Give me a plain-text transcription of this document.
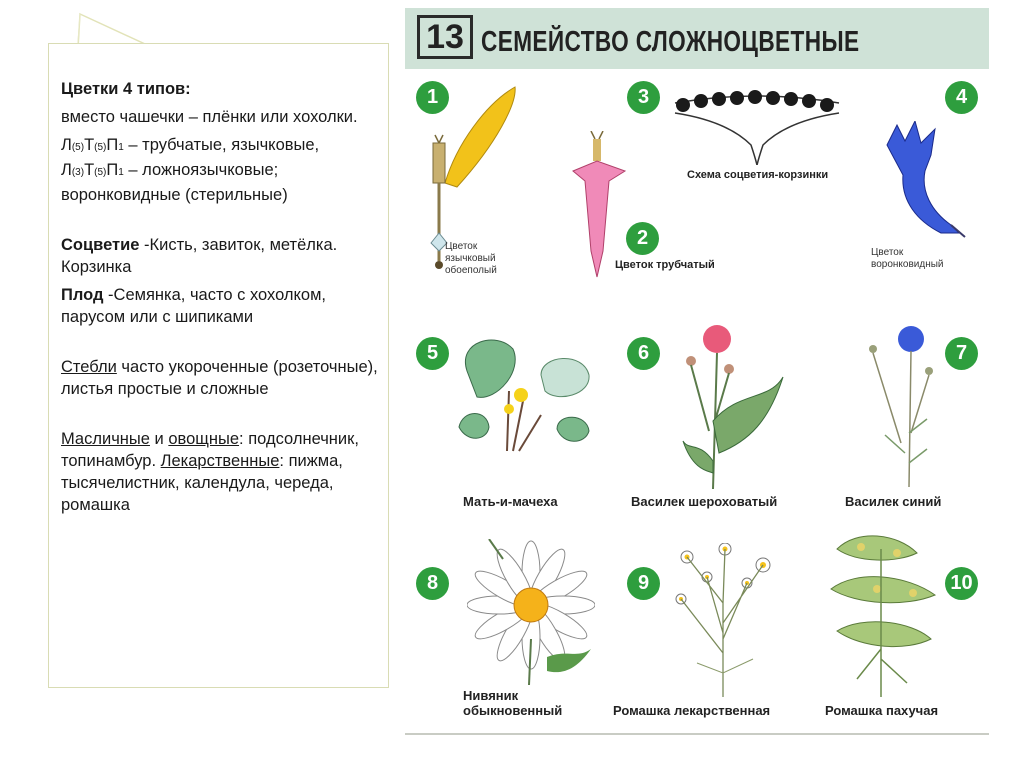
Цветки 4 типов:

вместо чашечки – плёнки или хохолки.

Л(5)Т(5)П1 – трубчатые, язычковые,

Л(3)Т(5)П1 – ложноязычковые;

воронковидные (стерильные)

Соцветие -Кисть, завиток, метёлка. Корзинка

Плод -Семянка, часто с хохолком, парусом или с шипиками

Стебли часто укороченные (розеточные), листья простые и сложные

Масличные и овощные: подсолнечник, топинамбур. Лекарственные: пижма, тысячелистник, календула, череда, ромашка

13 СЕМЕЙСТВО СЛОЖНОЦВЕТНЫЕ
1
Цветок
язычковый
обоеполый
2
Цветок трубчатый
3
Схема соцветия-корзинки
4
Цветок
воронковидный
5
Мать-и-мачеха
6
Василек шероховатый
7
Василек синий
8
Нивяник
обыкновенный
9
Ромашка лекарственная
10
Ромашка пахучая
